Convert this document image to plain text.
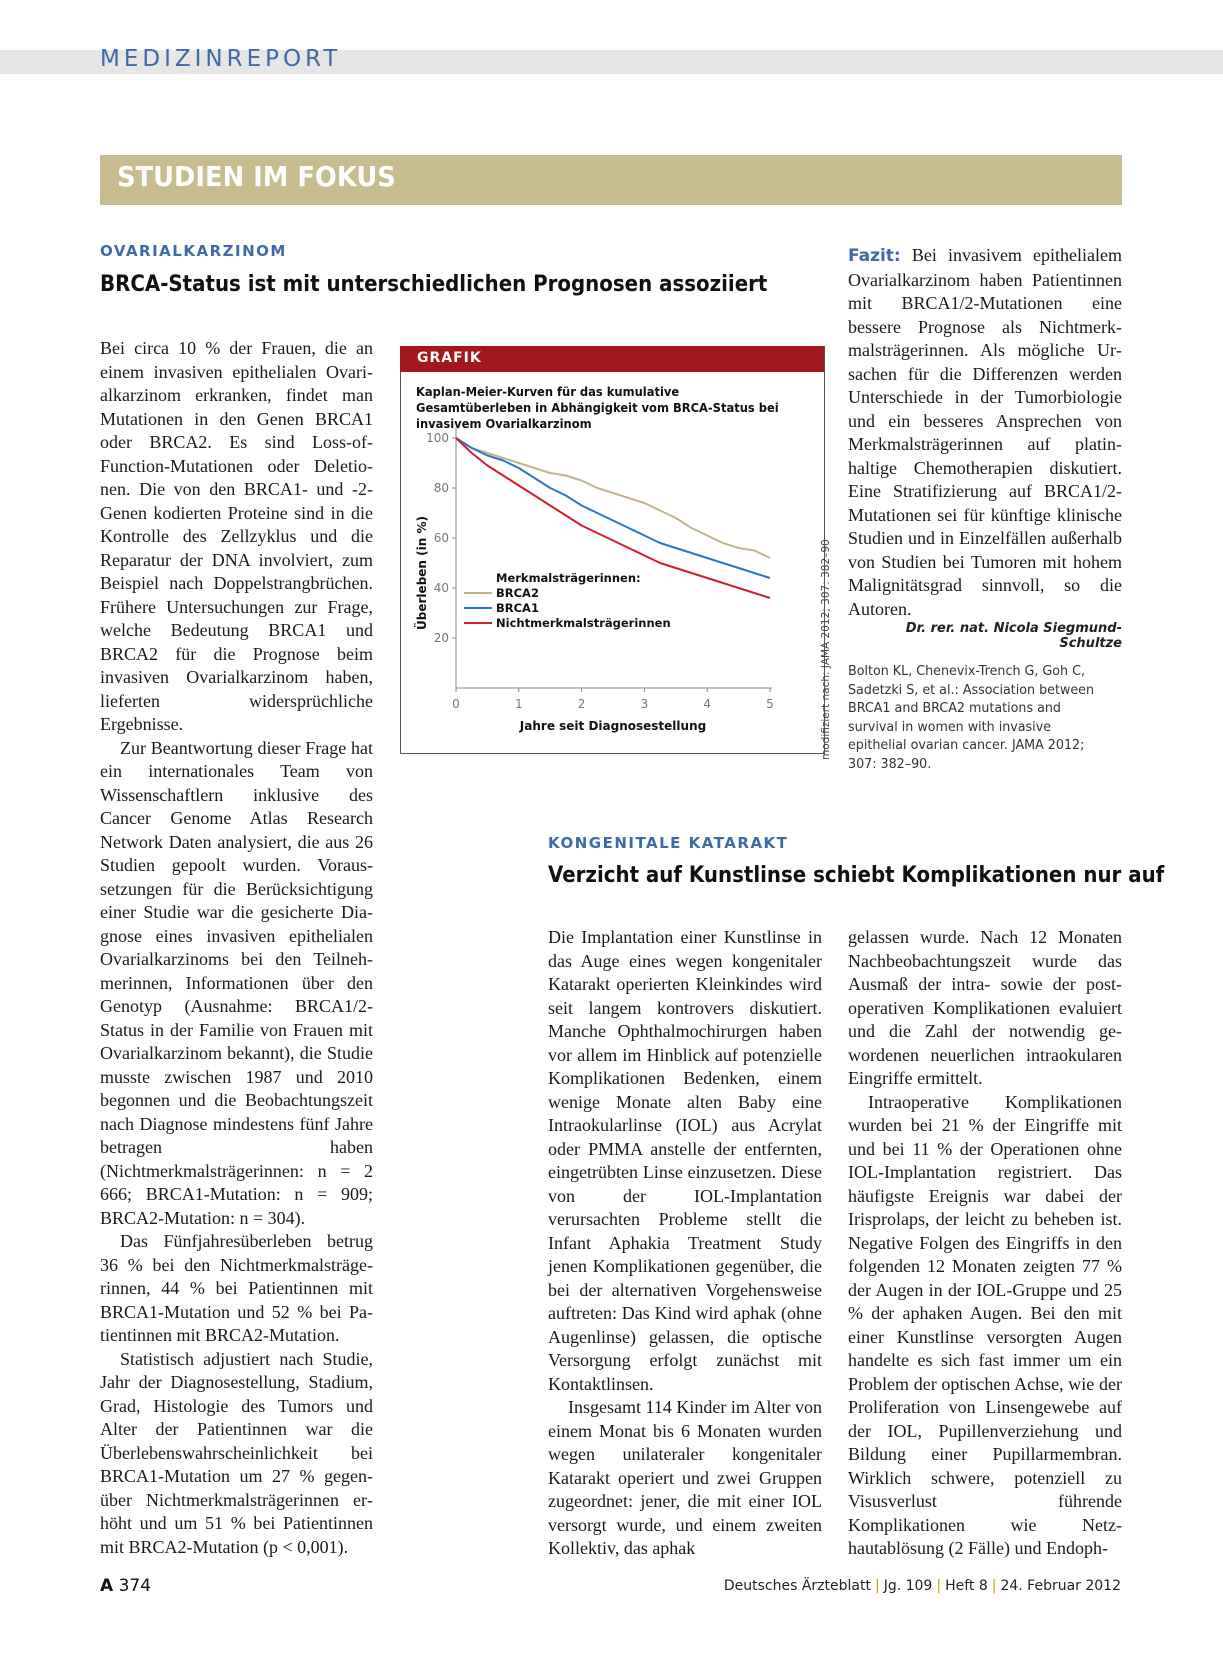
MEDIZINREPORT
STUDIEN IM FOKUS
OVARIALKARZINOM
BRCA-Status ist mit unterschiedlichen Prognosen assoziiert

Bei circa 10 % der Frauen, die an einem invasiven epithelialen Ovarialkarzinom erkranken, findet man Mutationen in den Genen BRCA1 oder BRCA2. Es sind Loss-of-Function-Mutationen oder Deletionen. Die von den BRCA1- und -2-Genen kodierten Proteine sind in die Kontrolle des Zellzyklus und die Reparatur der DNA involviert, zum Beispiel nach Doppelstrangbrüchen. Frühere Untersuchungen zur Frage, welche Bedeutung BRCA1 und BRCA2 für die Prognose beim invasiven Ovarialkarzinom haben, lieferten widersprüchliche Ergebnisse.

Zur Beantwortung dieser Frage hat ein internationales Team von Wissenschaftlern inklusive des Cancer Genome Atlas Research Network Daten analysiert, die aus 26 Studien gepoolt wurden. Voraussetzungen für die Berücksichtigung einer Studie war die gesicherte Diagnose eines invasiven epithelialen Ovarialkarzinoms bei den Teilnehmerinnen, Informationen über den Genotyp (Ausnahme: BRCA1/2-Status in der Familie von Frauen mit Ovarialkarzinom bekannt), die Studie musste zwischen 1987 und 2010 begonnen und die Beobachtungszeit nach Diagnose mindestens fünf Jahre betragen haben (Nichtmerkmalsträgerinnen: n = 2 666; BRCA1-Mutation: n = 909; BRCA2-Mutation: n = 304).

Das Fünfjahresüberleben betrug 36 % bei den Nichtmerkmalsträgerinnen, 44 % bei Patientinnen mit BRCA1-Mutation und 52 % bei Patientinnen mit BRCA2-Mutation.

Statistisch adjustiert nach Studie, Jahr der Diagnosestellung, Stadium, Grad, Histologie des Tumors und Alter der Patientinnen war die Überlebenswahrscheinlichkeit bei BRCA1-Mutation um 27 % gegenüber Nichtmerkmalsträgerinnen erhöht und um 51 % bei Patientinnen mit BRCA2-Mutation (p < 0,001).

GRAFIK
Kaplan-Meier-Kurven für das kumulative Gesamtüberleben in Abhängigkeit vom BRCA-Status bei invasivem Ovarialkarzinom
20
40
60
80
100
0	1	2	3	4	5
Jahre seit Diagnosestellung
Überleben (in %)	Merkmalsträgerinnen:
BRCA2
BRCA1
Nichtmerkmalsträgerinnen	modifiziert nach: JAMA 2012; 307: 382–90

Fazit: Bei invasivem epithelialem Ovarialkarzinom haben Patientinnen mit BRCA1/2-Mutationen eine bessere Prognose als Nichtmerkmalsträgerinnen. Als mögliche Ursachen für die Differenzen werden Unterschiede in der Tumorbiologie und ein besseres Ansprechen von Merkmalsträgerinnen auf platinhaltige Chemotherapien diskutiert. Eine Stratifizierung auf BRCA1/2-Mutationen sei für künftige klinische Studien und in Einzelfällen außerhalb von Studien bei Tumoren mit hohem Malignitätsgrad sinnvoll, so die Autoren.

Dr. rer. nat. Nicola Siegmund-Schultze
Bolton KL, Chenevix-Trench G, Goh C, Sadetzki S, et al.: Association between BRCA1 and BRCA2 mutations and survival in women with invasive epithelial ovarian cancer. JAMA 2012; 307: 382–90.
KONGENITALE KATARAKT
Verzicht auf Kunstlinse schiebt Komplikationen nur auf

Die Implantation einer Kunstlinse in das Auge eines wegen kongenitaler Katarakt operierten Kleinkindes wird seit langem kontrovers diskutiert. Manche Ophthalmochirurgen haben vor allem im Hinblick auf potenzielle Komplikationen Bedenken, einem wenige Monate alten Baby eine Intraokularlinse (IOL) aus Acrylat oder PMMA anstelle der entfernten, eingetrübten Linse einzusetzen. Diese von der IOL-Implantation verursachten Probleme stellt die Infant Aphakia Treatment Study jenen Komplikationen gegenüber, die bei der alternativen Vorgehensweise auftreten: Das Kind wird aphak (ohne Augenlinse) gelassen, die optische Versorgung erfolgt zunächst mit Kontaktlinsen.

Insgesamt 114 Kinder im Alter von einem Monat bis 6 Monaten wurden wegen unilateraler kongenitaler Katarakt operiert und zwei Gruppen zugeordnet: jener, die mit einer IOL versorgt wurde, und einem zweiten Kollektiv, das aphak

gelassen wurde. Nach 12 Monaten Nachbeobachtungszeit wurde das Ausmaß der intra- sowie der postoperativen Komplikationen evaluiert und die Zahl der notwendig gewordenen neuerlichen intraokularen Eingriffe ermittelt.

Intraoperative Komplikationen wurden bei 21 % der Eingriffe mit und bei 11 % der Operationen ohne IOL-Implantation registriert. Das häufigste Ereignis war dabei der Irisprolaps, der leicht zu beheben ist. Negative Folgen des Eingriffs in den folgenden 12 Monaten zeigten 77 % der Augen in der IOL-Gruppe und 25 % der aphaken Augen. Bei den mit einer Kunstlinse versorgten Augen handelte es sich fast immer um ein Problem der optischen Achse, wie der Proliferation von Linsengewebe auf der IOL, Pupillenverziehung und Bildung einer Pupillarmembran. Wirklich schwere, potenziell zu Visusverlust führende Komplikationen wie Netzhautablösung (2 Fälle) und Endoph-

A 374	Deutsches Ärzteblatt | Jg. 109 | Heft 8 | 24. Februar 2012
